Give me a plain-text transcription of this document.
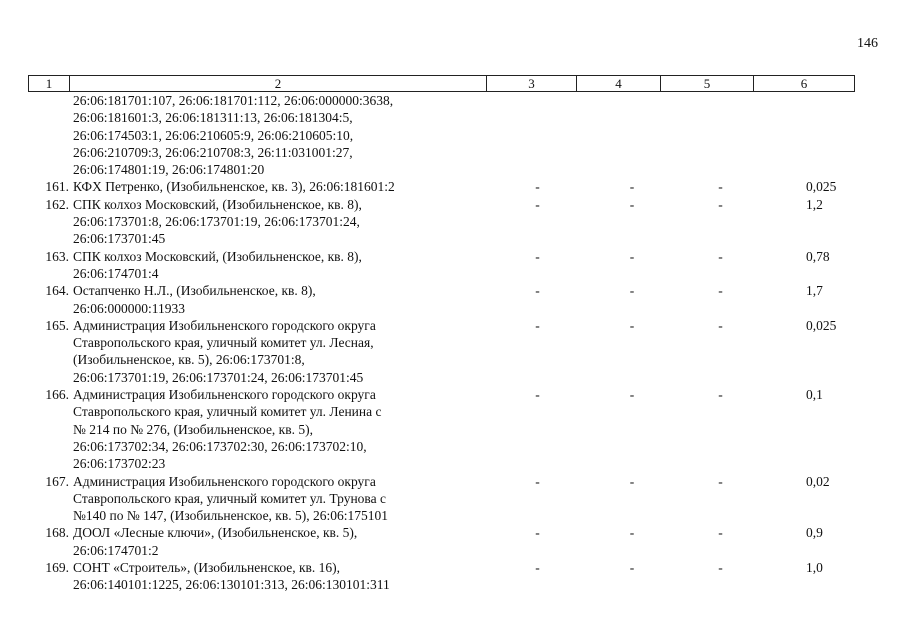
146
1	2	3	4	5	6
26:06:181701:107, 26:06:181701:112, 26:06:000000:3638,
26:06:181601:3, 26:06:181311:13, 26:06:181304:5,
26:06:174503:1, 26:06:210605:9, 26:06:210605:10,
26:06:210709:3, 26:06:210708:3, 26:11:031001:27,
26:06:174801:19, 26:06:174801:20
161. КФХ Петренко, (Изобильненское, кв. 3), 26:06:181601:2	-	-	-	0,025
162. СПК колхоз Московский, (Изобильненское, кв. 8),
26:06:173701:8, 26:06:173701:19, 26:06:173701:24,
26:06:173701:45
-	-	-	1,2
163. СПК колхоз Московский, (Изобильненское, кв. 8),
26:06:174701:4
-	-	-	0,78
164. Остапченко Н.Л., (Изобильненское, кв. 8),
26:06:000000:11933
-	-	-	1,7
165. Администрация Изобильненского городского округа
Ставропольского края, уличный комитет ул. Лесная,
(Изобильненское, кв. 5), 26:06:173701:8,
26:06:173701:19, 26:06:173701:24, 26:06:173701:45
-	-	-	0,025
166. Администрация Изобильненского городского округа
Ставропольского края, уличный комитет ул. Ленина с
№ 214 по № 276, (Изобильненское, кв. 5),
26:06:173702:34, 26:06:173702:30, 26:06:173702:10,
26:06:173702:23
-	-	-	0,1
167. Администрация Изобильненского городского округа
Ставропольского края, уличный комитет ул. Трунова с
№140 по № 147, (Изобильненское, кв. 5), 26:06:175101
-	-	-	0,02
168. ДООЛ «Лесные ключи», (Изобильненское, кв. 5),
26:06:174701:2
-	-	-	0,9
169. СОНТ «Строитель», (Изобильненское, кв. 16),
26:06:140101:1225, 26:06:130101:313, 26:06:130101:311
-	-	-	1,0
